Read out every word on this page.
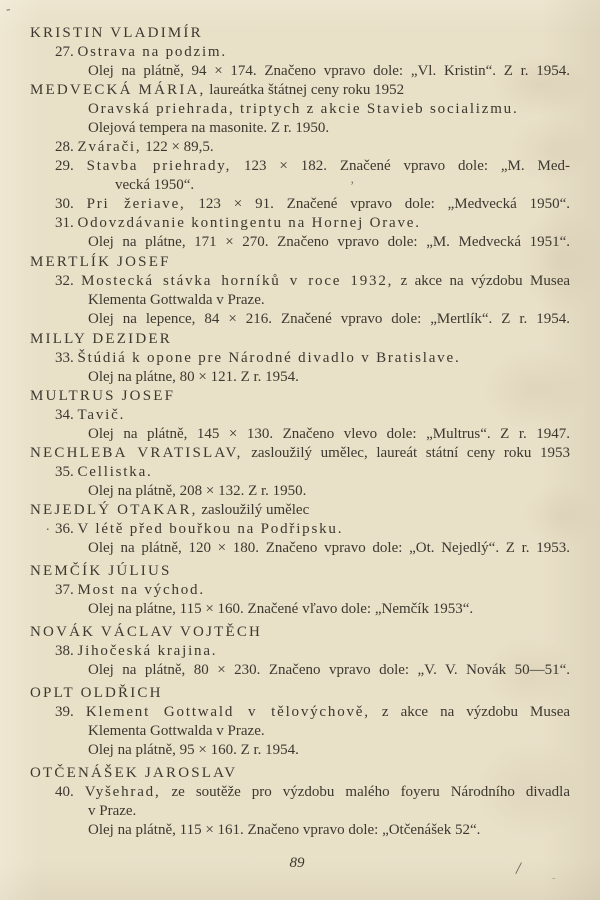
KRISTIN VLADIMÍR
27. Ostrava na podzim.
Olej na plátně, 94 × 174. Značeno vpravo dole: „Vl. Kristin“. Z r. 1954.
MEDVECKÁ MÁRIA, laureátka štátnej ceny roku 1952
Oravská priehrada, triptych z akcie Stavieb socializmu.
Olejová tempera na masonite. Z r. 1950.
28. Zvárači, 122 × 89,5.
29. Stavba priehrady, 123 × 182. Značené vpravo dole: „M. Med-
vecká 1950“.
30. Pri žeriave, 123 × 91. Značené vpravo dole: „Medvecká 1950“.
31. Odovzdávanie kontingentu na Hornej Orave.
Olej na plátne, 171 × 270. Značeno vpravo dole: „M. Medvecká 1951“.
MERTLÍK JOSEF
32. Mostecká stávka horníků v roce 1932, z akce na výzdobu Musea
Klementa Gottwalda v Praze.
Olej na lepence, 84 × 216. Značené vpravo dole: „Mertlík“. Z r. 1954.
MILLY DEZIDER
33. Štúdiá k opone pre Národné divadlo v Bratislave.
Olej na plátne, 80 × 121. Z r. 1954.
MULTRUS JOSEF
34. Tavič.
Olej na plátně, 145 × 130. Značeno vlevo dole: „Multrus“. Z r. 1947.
NECHLEBA VRATISLAV, zasloužilý umělec, laureát státní ceny roku 1953
35. Cellistka.
Olej na plátně, 208 × 132. Z r. 1950.
NEJEDLÝ OTAKAR, zasloužilý umělec
36. V létě před bouřkou na Podřipsku.
Olej na plátně, 120 × 180. Značeno vpravo dole: „Ot. Nejedlý“. Z r. 1953.
NEMČÍK JÚLIUS
37. Most na východ.
Olej na plátne, 115 × 160. Značené vľavo dole: „Nemčík 1953“.
NOVÁK VÁCLAV VOJTĚCH
38. Jihočeská krajina.
Olej na plátně, 80 × 230. Značeno vpravo dole: „V. V. Novák 50—51“.
OPLT OLDŘICH
39. Klement Gottwald v tělovýchově, z akce na výzdobu Musea
Klementa Gottwalda v Praze.
Olej na plátně, 95 × 160. Z r. 1954.
OTČENÁŠEK JAROSLAV
40. Vyšehrad, ze soutěže pro výzdobu malého foyeru Národního divadla
v Praze.
Olej na plátně, 115 × 161. Značeno vpravo dole: „Otčenášek 52“.
89
-
.
’
/	-
